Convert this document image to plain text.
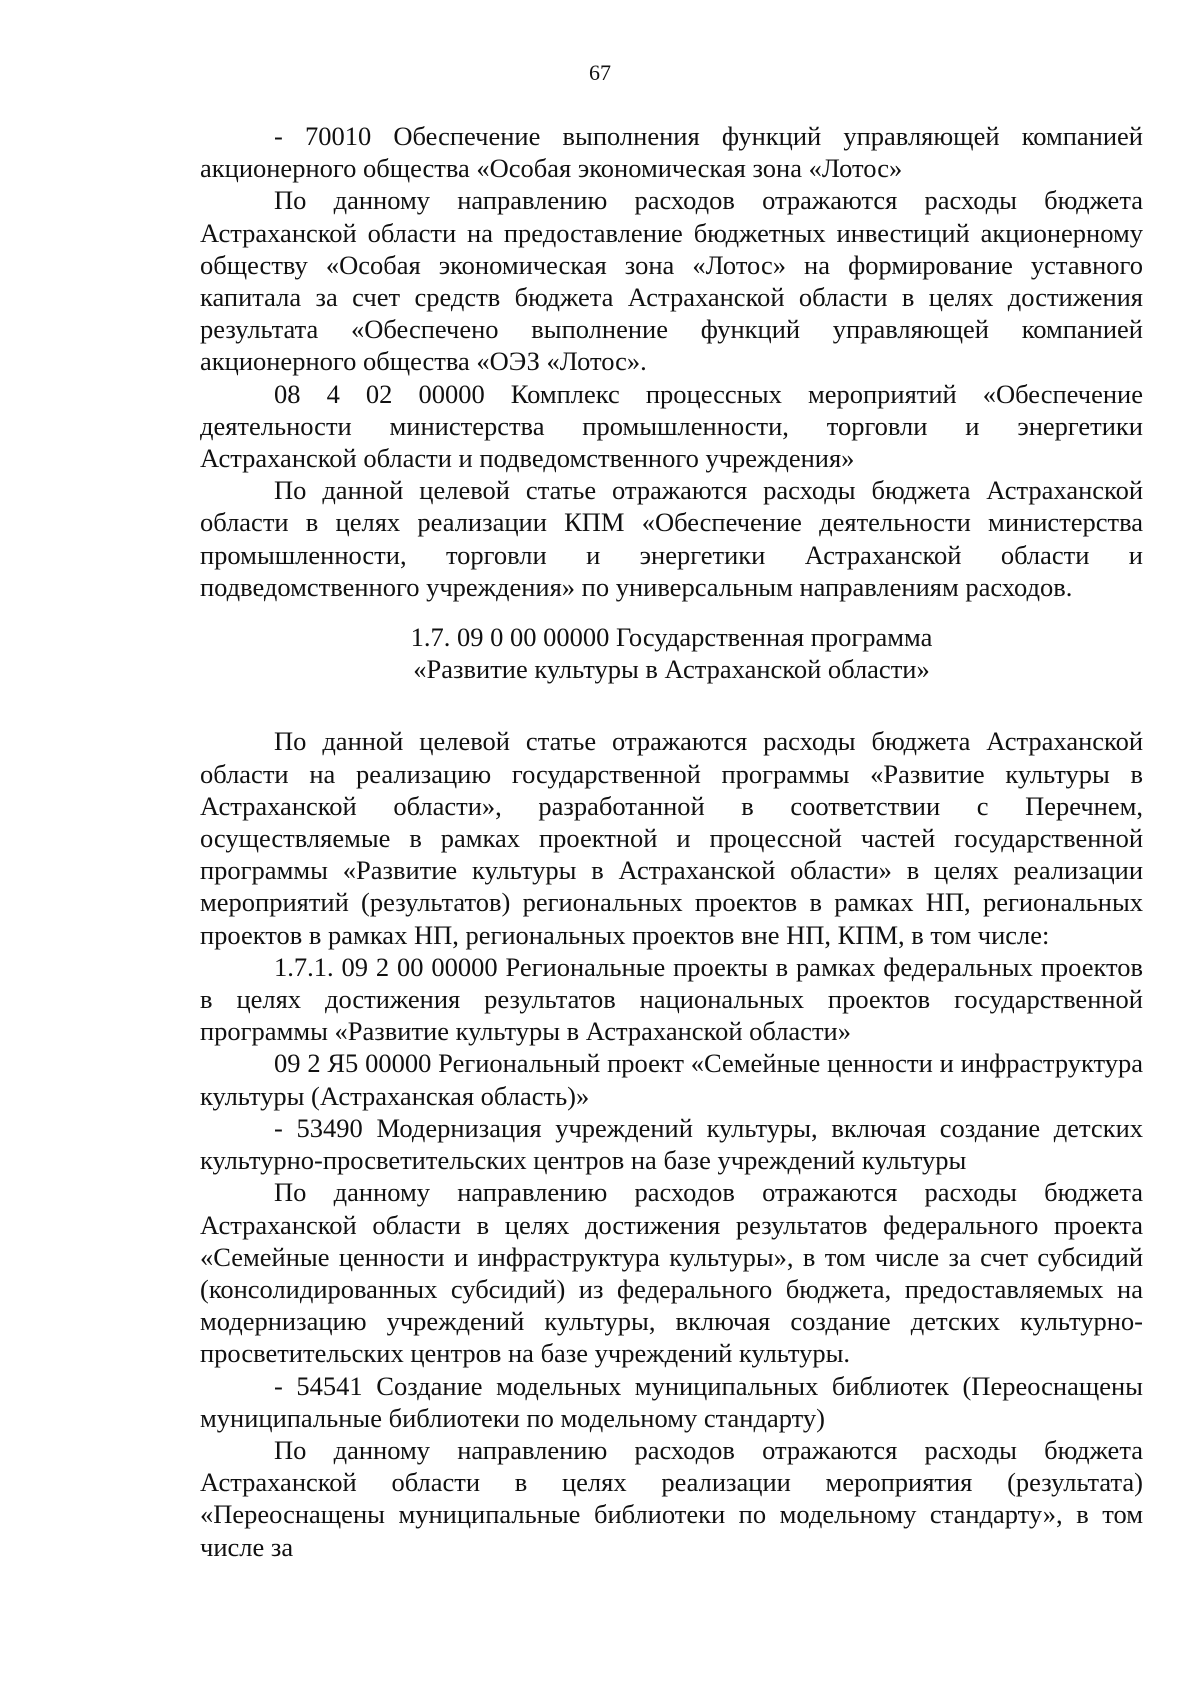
67

- 70010 Обеспечение выполнения функций управляющей компанией акционерного общества «Особая экономическая зона «Лотос»

По данному направлению расходов отражаются расходы бюджета Астраханской области на предоставление бюджетных инвестиций акционерному обществу «Особая экономическая зона «Лотос» на формирование уставного капитала за счет средств бюджета Астраханской области в целях достижения результата «Обеспечено выполнение функций управляющей компанией акционерного общества «ОЭЗ «Лотос».

08 4 02 00000 Комплекс процессных мероприятий «Обеспечение деятельности министерства промышленности, торговли и энергетики Астраханской области и подведомственного учреждения»

По данной целевой статье отражаются расходы бюджета Астраханской области в целях реализации КПМ «Обеспечение деятельности министерства промышленности, торговли и энергетики Астраханской области и подведомственного учреждения» по универсальным направлениям расходов.

1.7. 09 0 00 00000 Государственная программа
«Развитие культуры в Астраханской области»

По данной целевой статье отражаются расходы бюджета Астраханской области на реализацию государственной программы «Развитие культуры в Астраханской области», разработанной в соответствии с Перечнем, осуществляемые в рамках проектной и процессной частей государственной программы «Развитие культуры в Астраханской области» в целях реализации мероприятий (результатов) региональных проектов в рамках НП, региональных проектов в рамках НП, региональных проектов вне НП, КПМ, в том числе:

1.7.1. 09 2 00 00000 Региональные проекты в рамках федеральных проектов в целях достижения результатов национальных проектов государственной программы «Развитие культуры в Астраханской области»

09 2 Я5 00000 Региональный проект «Семейные ценности и инфраструктура культуры (Астраханская область)»

- 53490 Модернизация учреждений культуры, включая создание детских культурно-просветительских центров на базе учреждений культуры

По данному направлению расходов отражаются расходы бюджета Астраханской области в целях достижения результатов федерального проекта «Семейные ценности и инфраструктура культуры», в том числе за счет субсидий (консолидированных субсидий) из федерального бюджета, предоставляемых на модернизацию учреждений культуры, включая создание детских культурно-просветительских центров на базе учреждений культуры.

- 54541 Создание модельных муниципальных библиотек (Переоснащены муниципальные библиотеки по модельному стандарту)

По данному направлению расходов отражаются расходы бюджета Астраханской области в целях реализации мероприятия (результата) «Переоснащены муниципальные библиотеки по модельному стандарту», в том числе за
